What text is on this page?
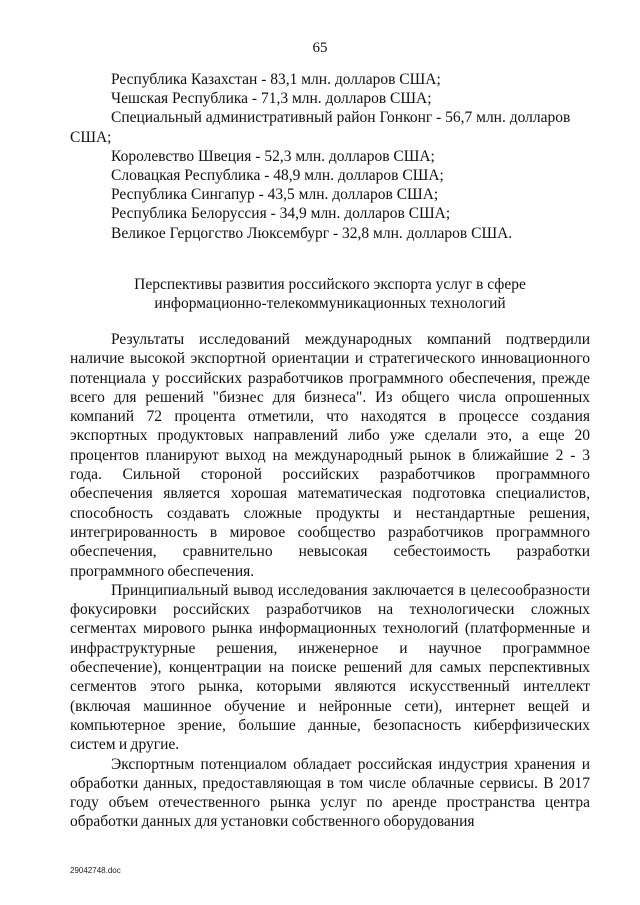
65
Республика Казахстан - 83,1 млн. долларов США;
Чешская Республика - 71,3 млн. долларов США;
Специальный административный район Гонконг - 56,7 млн. долларов США;
Королевство Швеция - 52,3 млн. долларов США;
Словацкая Республика - 48,9 млн. долларов США;
Республика Сингапур - 43,5 млн. долларов США;
Республика Белоруссия - 34,9 млн. долларов США;
Великое Герцогство Люксембург - 32,8 млн. долларов США.
Перспективы развития российского экспорта услуг в сфере
информационно-телекоммуникационных технологий

Результаты исследований международных компаний подтвердили наличие высокой экспортной ориентации и стратегического инновационного потенциала у российских разработчиков программного обеспечения, прежде всего для решений "бизнес для бизнеса". Из общего числа опрошенных компаний 72 процента отметили, что находятся в процессе создания экспортных продуктовых направлений либо уже сделали это, а еще 20 процентов планируют выход на международный рынок в ближайшие 2 - 3 года. Сильной стороной российских разработчиков программного обеспечения является хорошая математическая подготовка специалистов, способность создавать сложные продукты и нестандартные решения, интегрированность в мировое сообщество разработчиков программного обеспечения, сравнительно невысокая себестоимость разработки программного обеспечения.

Принципиальный вывод исследования заключается в целесообразности фокусировки российских разработчиков на технологически сложных сегментах мирового рынка информационных технологий (платформенные и инфраструктурные решения, инженерное и научное программное обеспечение), концентрации на поиске решений для самых перспективных сегментов этого рынка, которыми являются искусственный интеллект (включая машинное обучение и нейронные сети), интернет вещей и компьютерное зрение, большие данные, безопасность киберфизических систем и другие.

Экспортным потенциалом обладает российская индустрия хранения и обработки данных, предоставляющая в том числе облачные сервисы. В 2017 году объем отечественного рынка услуг по аренде пространства центра обработки данных для установки собственного оборудования

29042748.doc
